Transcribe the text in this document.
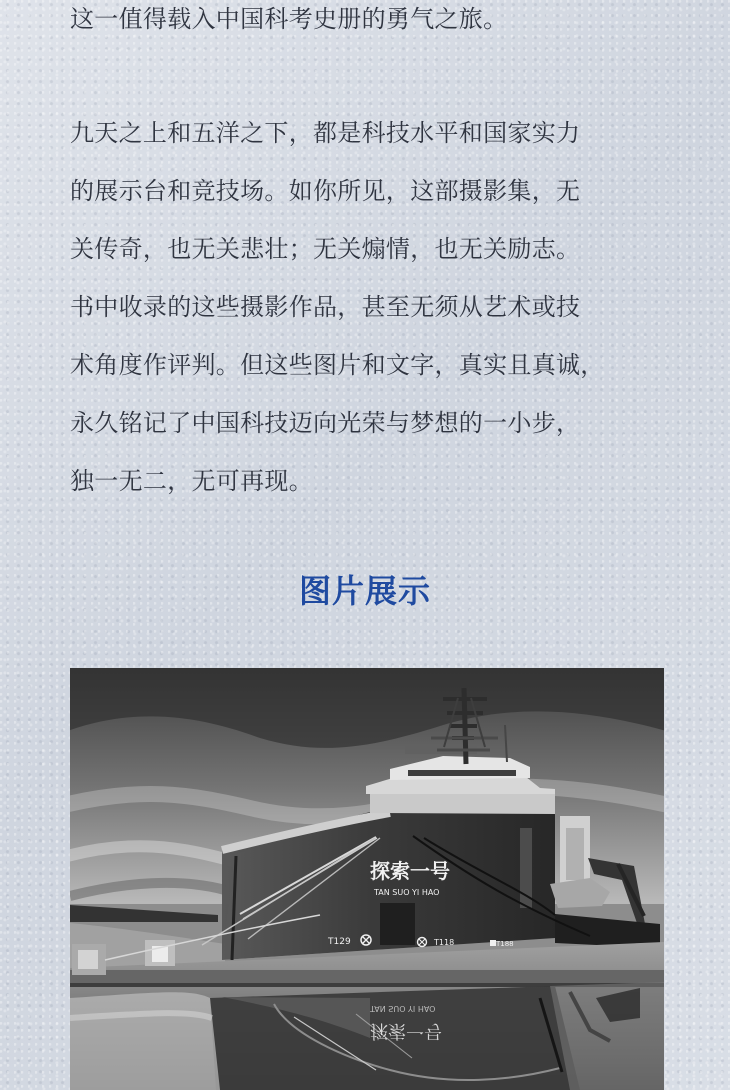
这一值得载入中国科考史册的勇气之旅。

九天之上和五洋之下，都是科技水平和国家实力
的展示台和竞技场。如你所见，这部摄影集，无
关传奇，也无关悲壮；无关煽情，也无关励志。
书中收录的这些摄影作品，甚至无须从艺术或技
术角度作评判。但这些图片和文字，真实且真诚，
永久铭记了中国科技迈向光荣与梦想的一小步，
独一无二，无可再现。

图片展示
探索一号
TAN SUO YI HAO
T129	T118	T188
TAN SUO YI HAO
探索一号
